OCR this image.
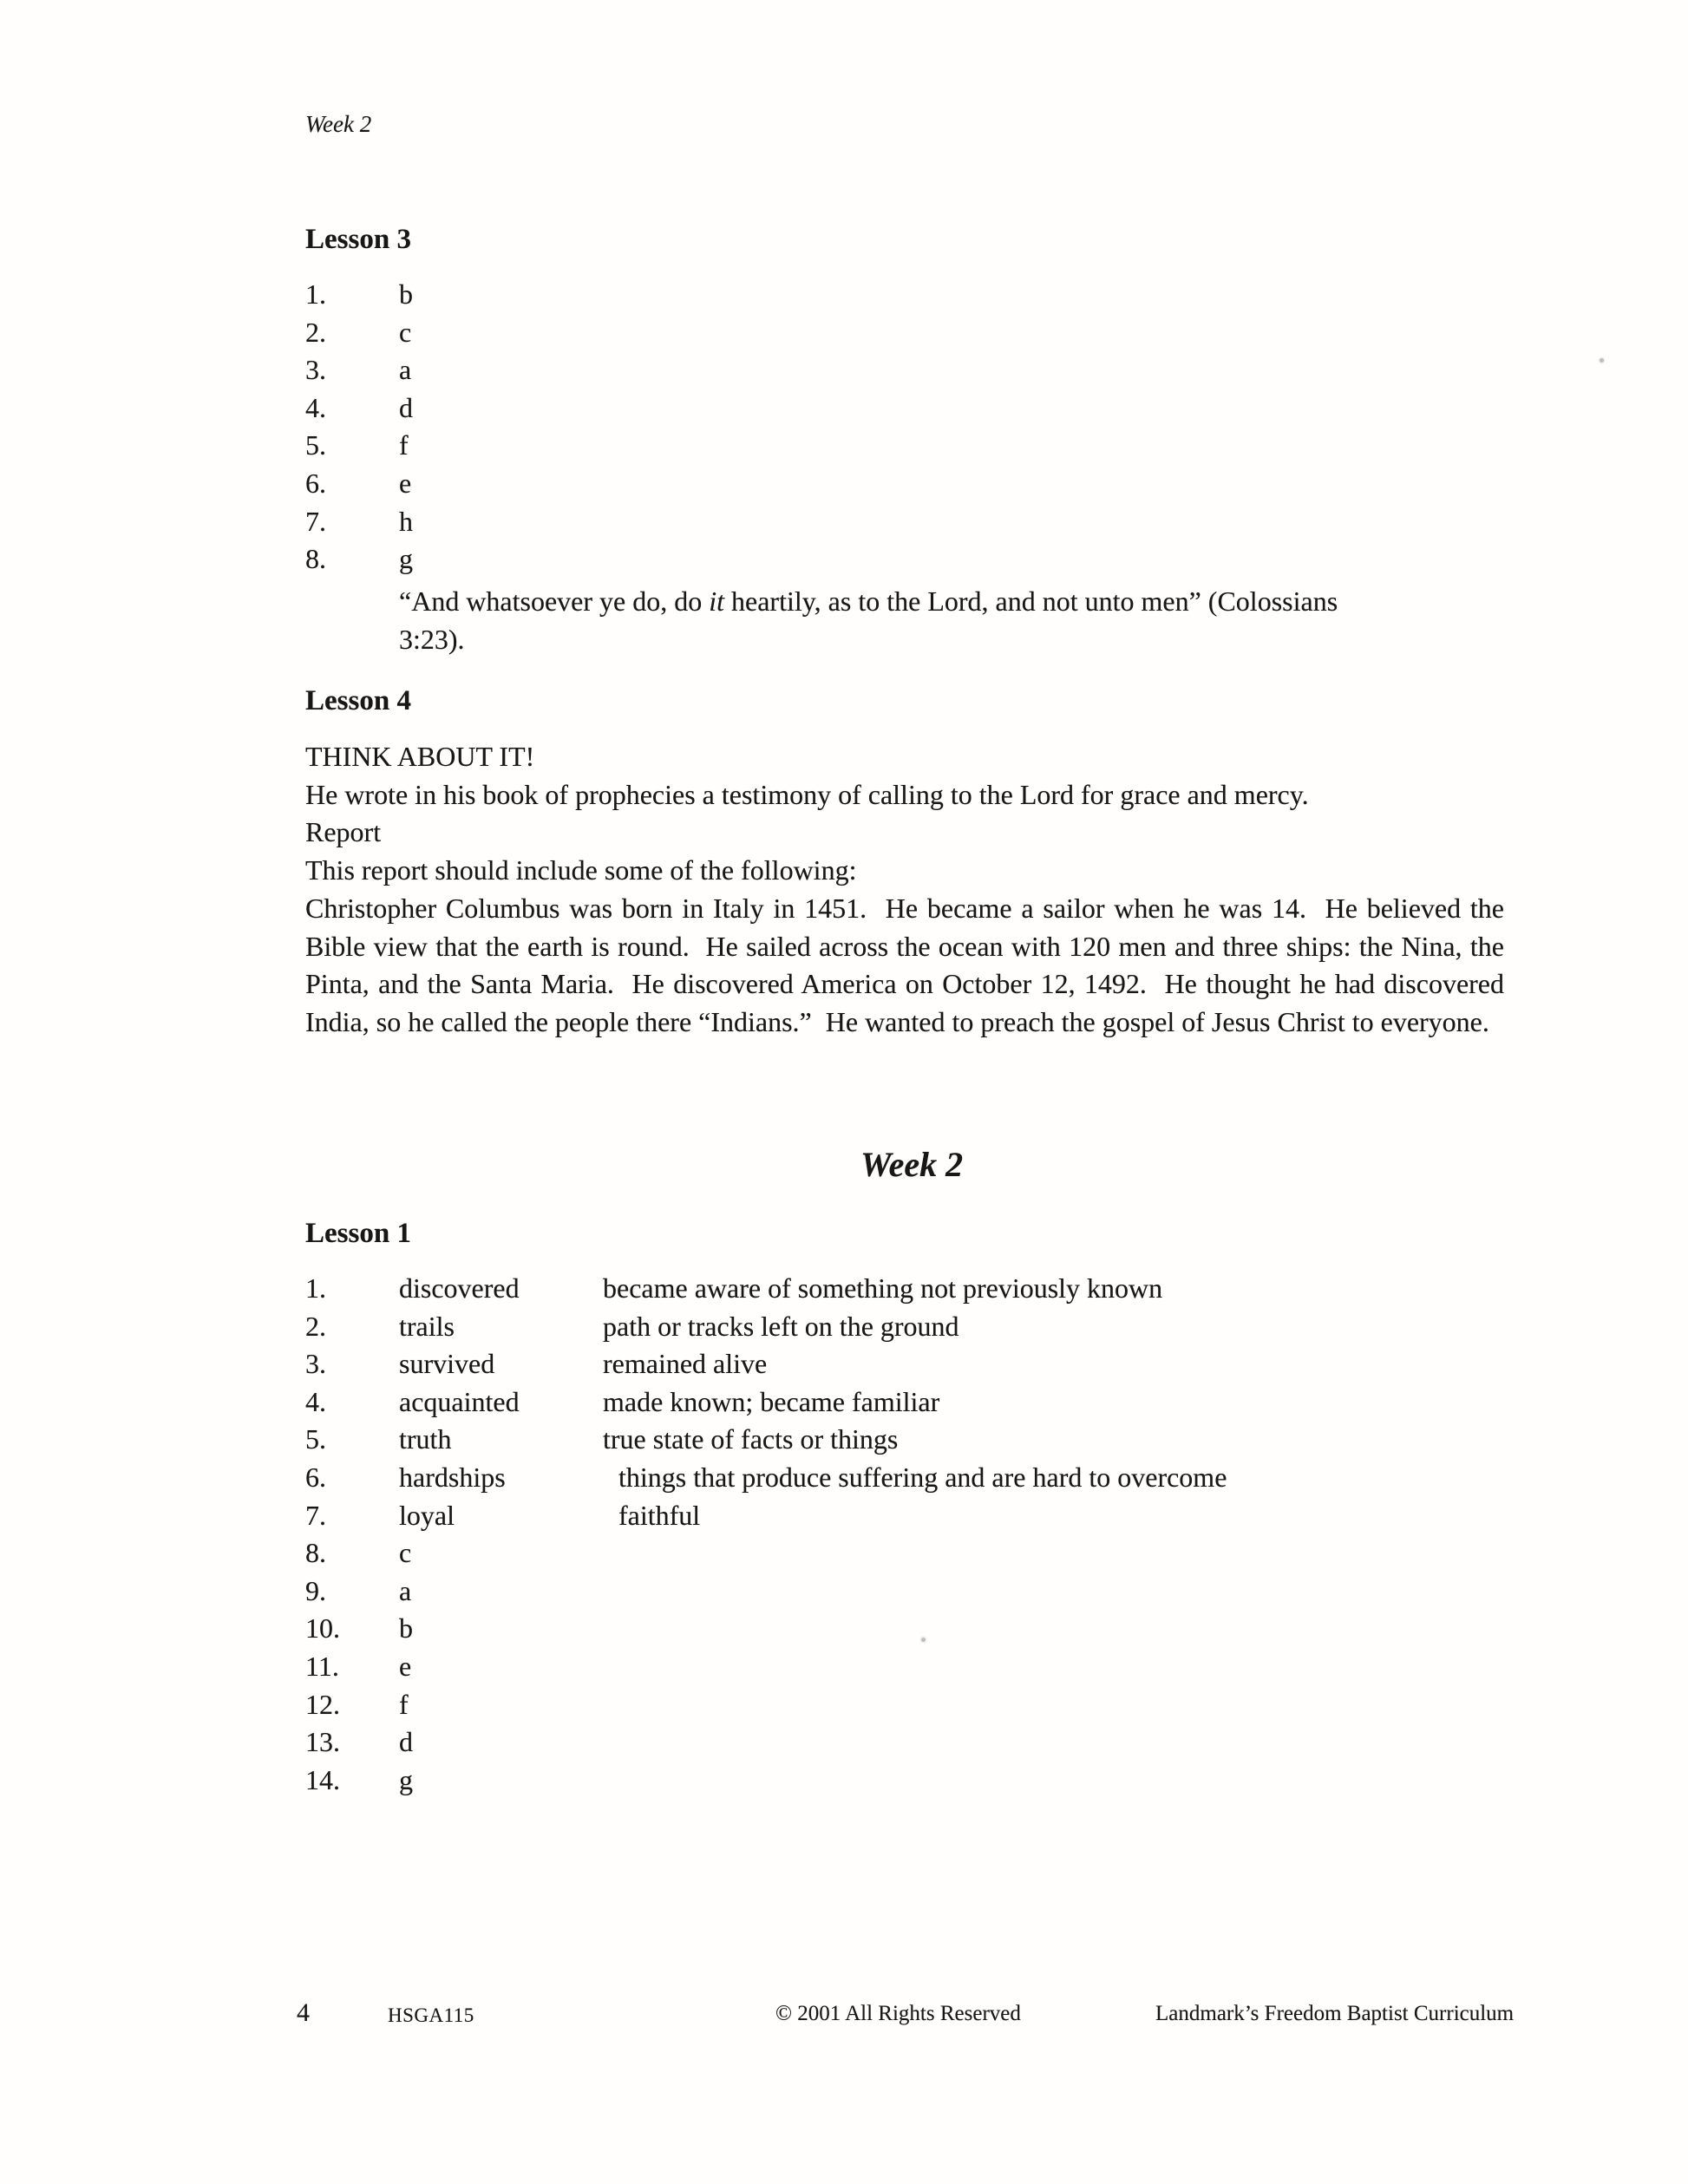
Week 2
Lesson 3
1.	b
2.	c
3.	a
4.	d
5.	f
6.	e
7.	h
8.	g
“And whatsoever ye do, do it heartily, as to the Lord, and not unto men” (Colossians
3:23).
Lesson 4
THINK ABOUT IT!
He wrote in his book of prophecies a testimony of calling to the Lord for grace and mercy.
Report
This report should include some of the following:
Christopher Columbus was born in Italy in 1451.  He became a sailor when he was 14.  He believed the Bible view that the earth is round.  He sailed across the ocean with 120 men and three ships: the Nina, the Pinta, and the Santa Maria.  He discovered America on October 12, 1492.  He thought he had discovered India, so he called the people there “Indians.”  He wanted to preach the gospel of Jesus Christ to everyone.
Week 2
Lesson 1
1.	discovered	became aware of something not previously known
2.	trails	path or tracks left on the ground
3.	survived	remained alive
4.	acquainted	made known; became familiar
5.	truth	true state of facts or things
6.	hardships	things that produce suffering and are hard to overcome
7.	loyal	faithful
8.	c
9.	a
10.	b
11.	e
12.	f
13.	d
14.	g
4	HSGA115	© 2001 All Rights Reserved	Landmark’s Freedom Baptist Curriculum
